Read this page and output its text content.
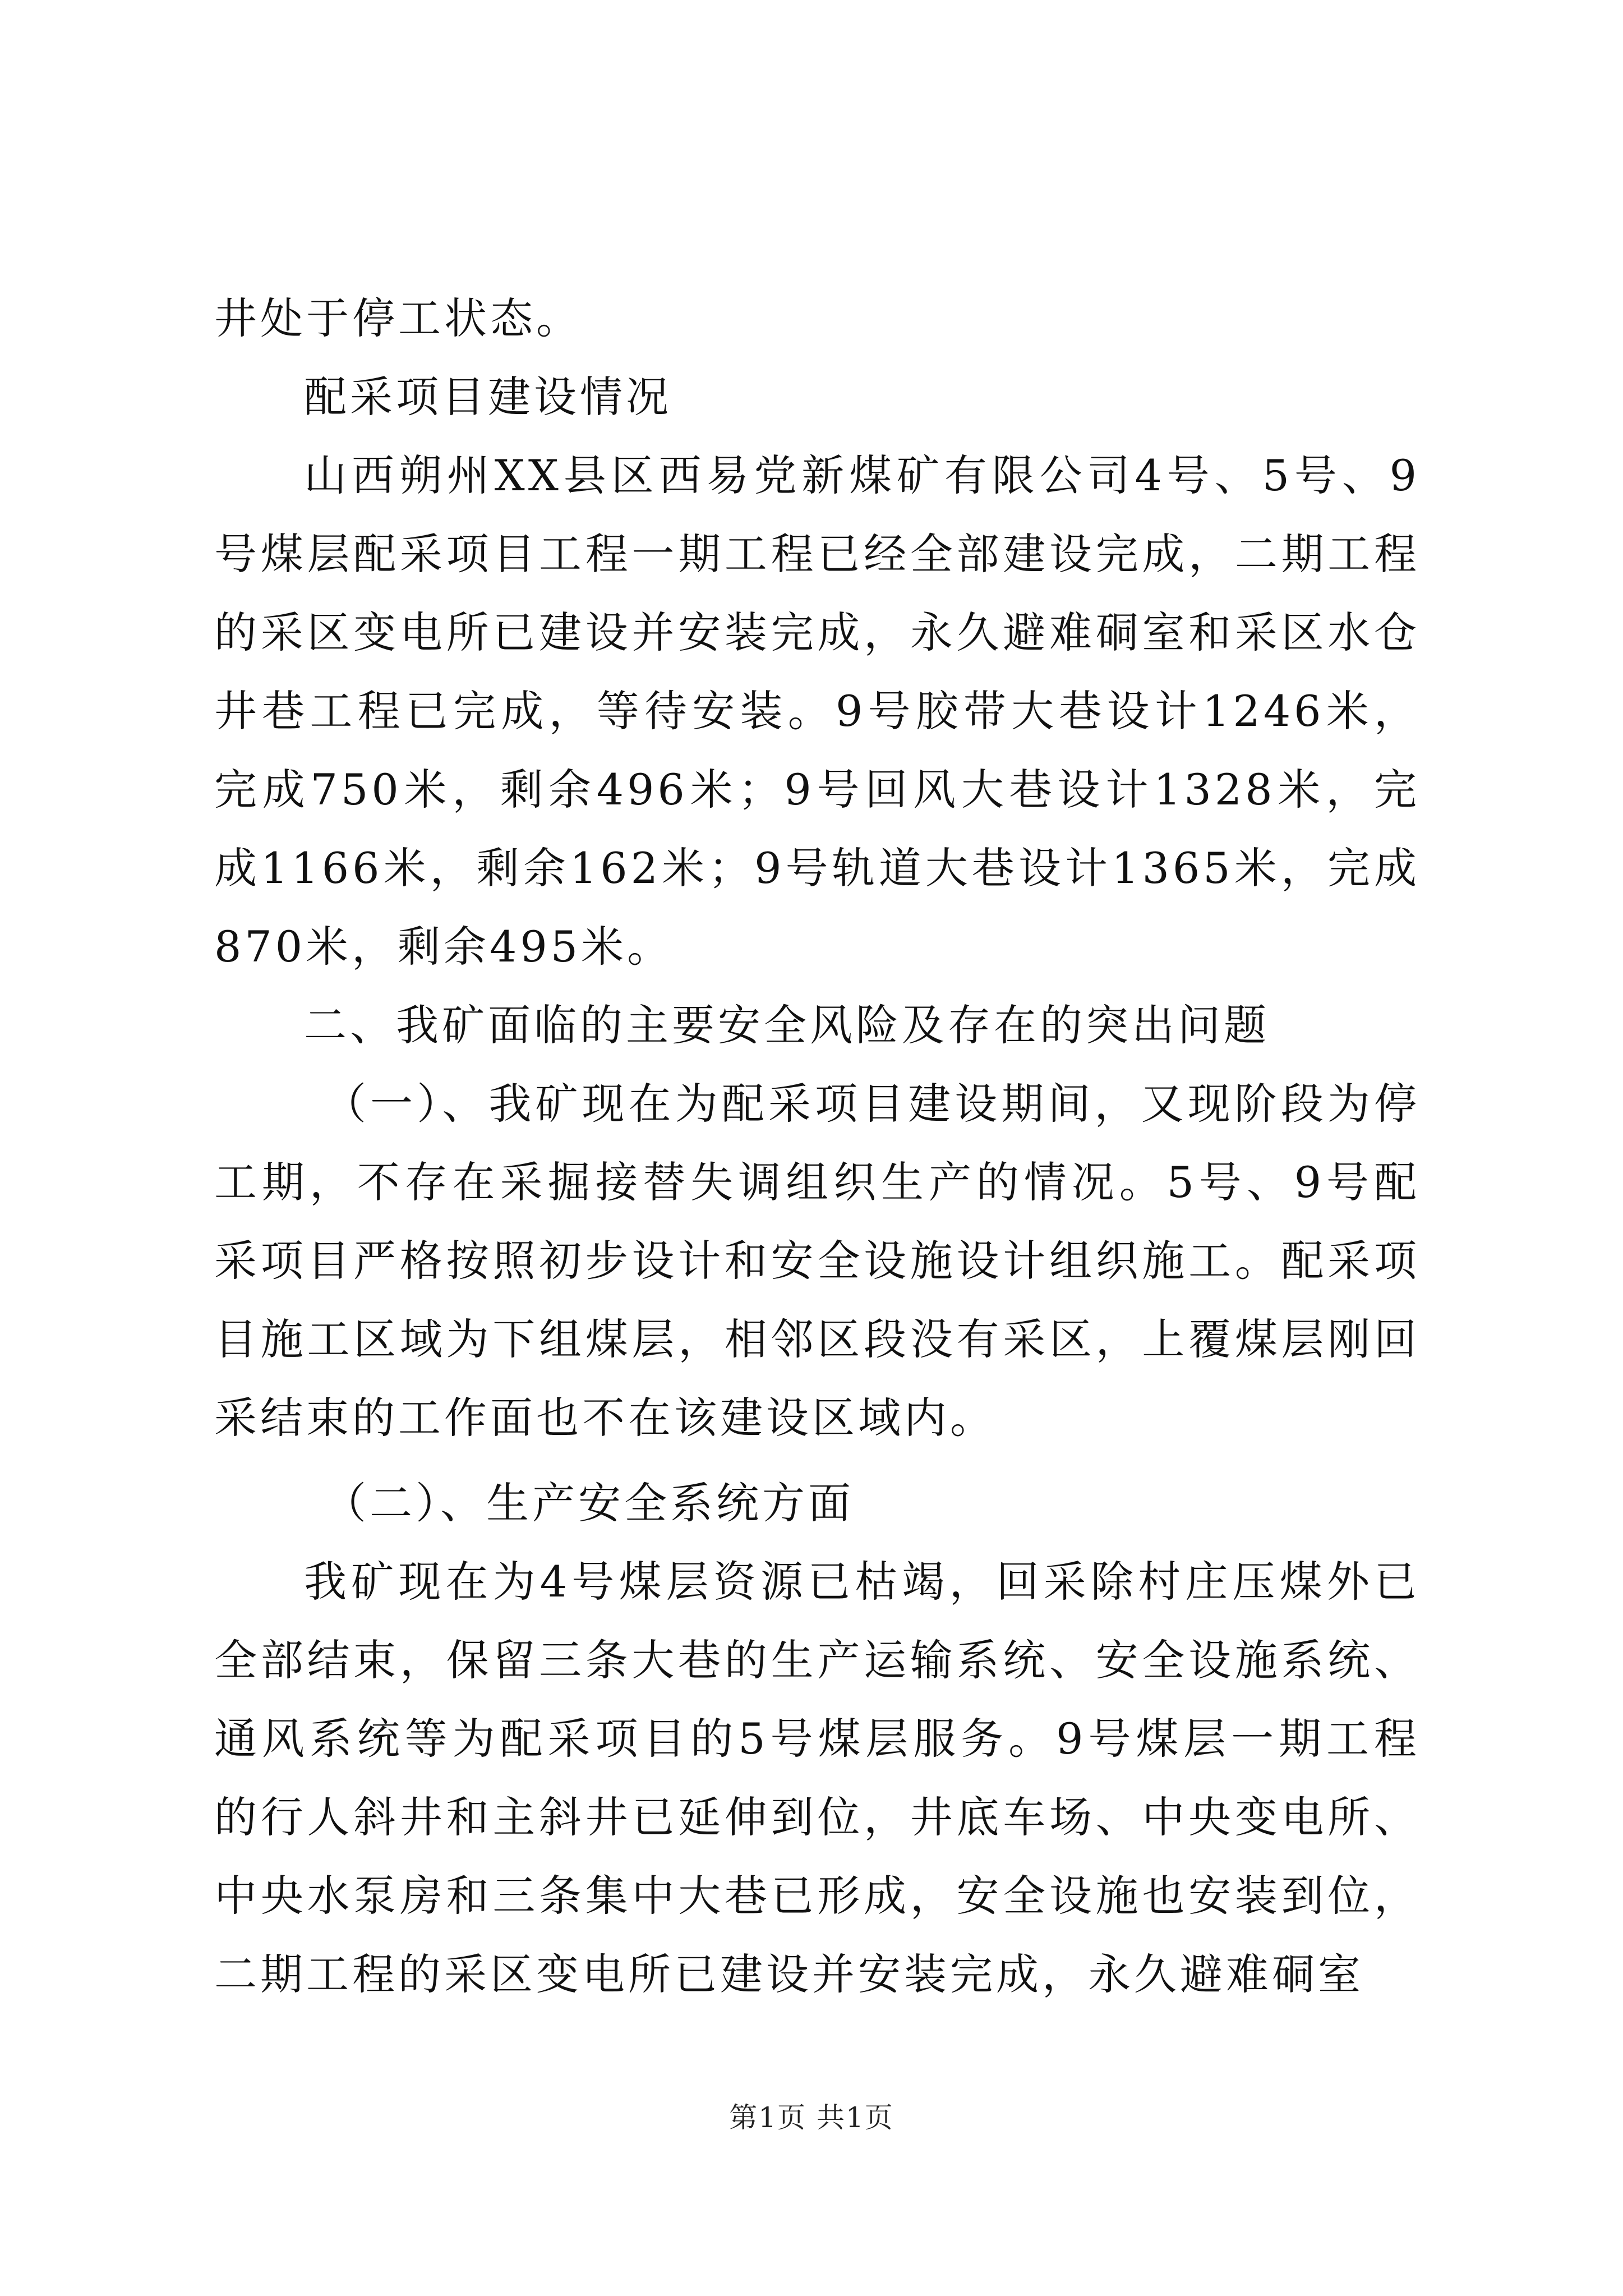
井处于停工状态。

配采项目建设情况

山西朔州XX县区西易党新煤矿有限公司4号、5号、9号煤层配采项目工程一期工程已经全部建设完成，二期工程的采区变电所已建设并安装完成，永久避难硐室和采区水仓井巷工程已完成，等待安装。9号胶带大巷设计1246米，完成750米，剩余496米；9号回风大巷设计1328米，完成1166米，剩余162米；9号轨道大巷设计1365米，完成870米，剩余495米。

二、我矿面临的主要安全风险及存在的突出问题

（一）、我矿现在为配采项目建设期间，又现阶段为停工期，不存在采掘接替失调组织生产的情况。5号、9号配采项目严格按照初步设计和安全设施设计组织施工。配采项目施工区域为下组煤层，相邻区段没有采区，上覆煤层刚回采结束的工作面也不在该建设区域内。

（二）、生产安全系统方面

我矿现在为4号煤层资源已枯竭，回采除村庄压煤外已全部结束，保留三条大巷的生产运输系统、安全设施系统、通风系统等为配采项目的5号煤层服务。9号煤层一期工程的行人斜井和主斜井已延伸到位，井底车场、中央变电所、中央水泵房和三条集中大巷已形成，安全设施也安装到位，二期工程的采区变电所已建设并安装完成，永久避难硐室

第1页 共1页
